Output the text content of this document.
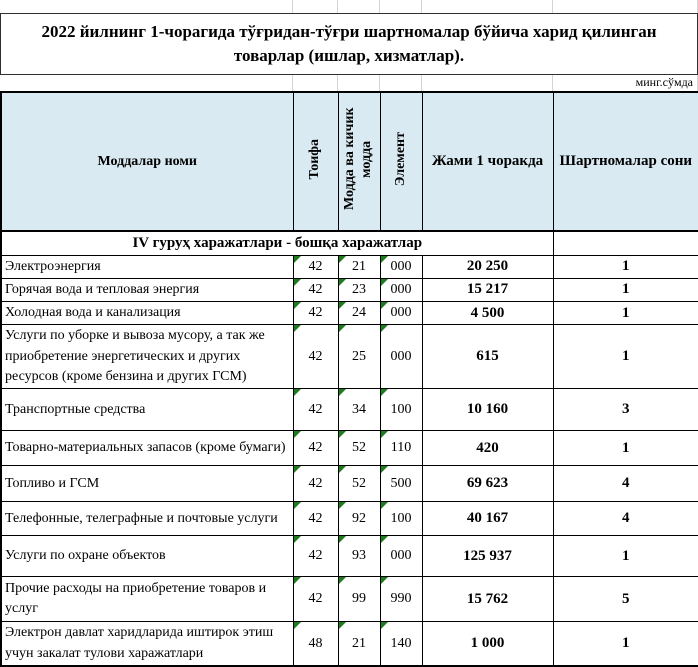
2022 йилнинг 1-чорагида тўғридан-тўғри шартномалар бўйича харид қилинган товарлар (ишлар, хизматлар).
минг.сўмда
Моддалар номи	Тоифа	Модда ва кичик модда	Элемент	Жами 1 чоракда	Шартномалар сони
IV гуруҳ харажатлари - бошқа харажатлар					
Электроэнергия	42	21	000	20 250	1
Горячая вода и тепловая энергия	42	23	000	15 217	1
Холодная вода и канализация	42	24	000	4 500	1
Услуги по уборке и вывоза мусору, а так же приобретение энергетических и других ресурсов (кроме бензина и других ГСМ)	42	25	000	615	1
Транспортные средства	42	34	100	10 160	3
Товарно-материальных запасов (кроме бумаги)	42	52	110	420	1
Топливо и ГСМ	42	52	500	69 623	4
Телефонные, телеграфные и почтовые услуги	42	92	100	40 167	4
Услуги по охране объектов	42	93	000	125 937	1
Прочие расходы на приобретение товаров и услуг	42	99	990	15 762	5
Электрон давлат харидларида иштирок этиш учун закалат тулови харажатлари	48	21	140	1 000	1
